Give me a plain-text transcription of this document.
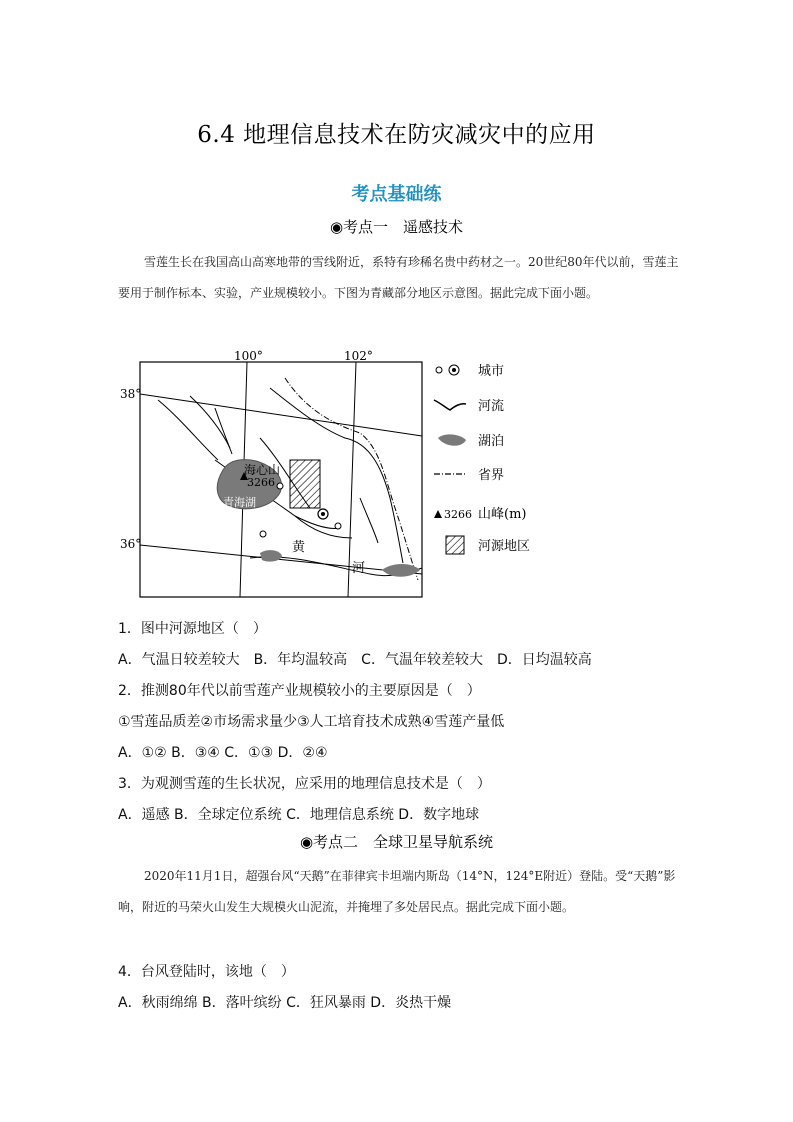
6.4 地理信息技术在防灾减灾中的应用
考点基础练
◉考点一　遥感技术
雪莲生长在我国高山高寒地带的雪线附近，系特有珍稀名贵中药材之一。20世纪80年代以前，雪莲主要用于制作标本、实验，产业规模较小。下图为青藏部分地区示意图。据此完成下面小题。
100°	102°
38°
36°
海心山
3266
青海湖
黄
河
城市
河流
湖泊
省界
3266 山峰(m)
河源地区
1．图中河源地区（　）
A．气温日较差较大　B．年均温较高　C．气温年较差较大　D．日均温较高
2．推测80年代以前雪莲产业规模较小的主要原因是（　）
①雪莲品质差②市场需求量少③人工培育技术成熟④雪莲产量低
A．①② B．③④ C．①③ D．②④
3．为观测雪莲的生长状况，应采用的地理信息技术是（　）
A．遥感 B．全球定位系统 C．地理信息系统 D．数字地球
◉考点二　全球卫星导航系统
2020年11月1日，超强台风“天鹅”在菲律宾卡坦端内斯岛（14°N，124°E附近）登陆。受“天鹅”影响，附近的马荣火山发生大规模火山泥流，并掩埋了多处居民点。据此完成下面小题。
4．台风登陆时，该地（　）
A．秋雨绵绵 B．落叶缤纷 C．狂风暴雨 D．炎热干燥
